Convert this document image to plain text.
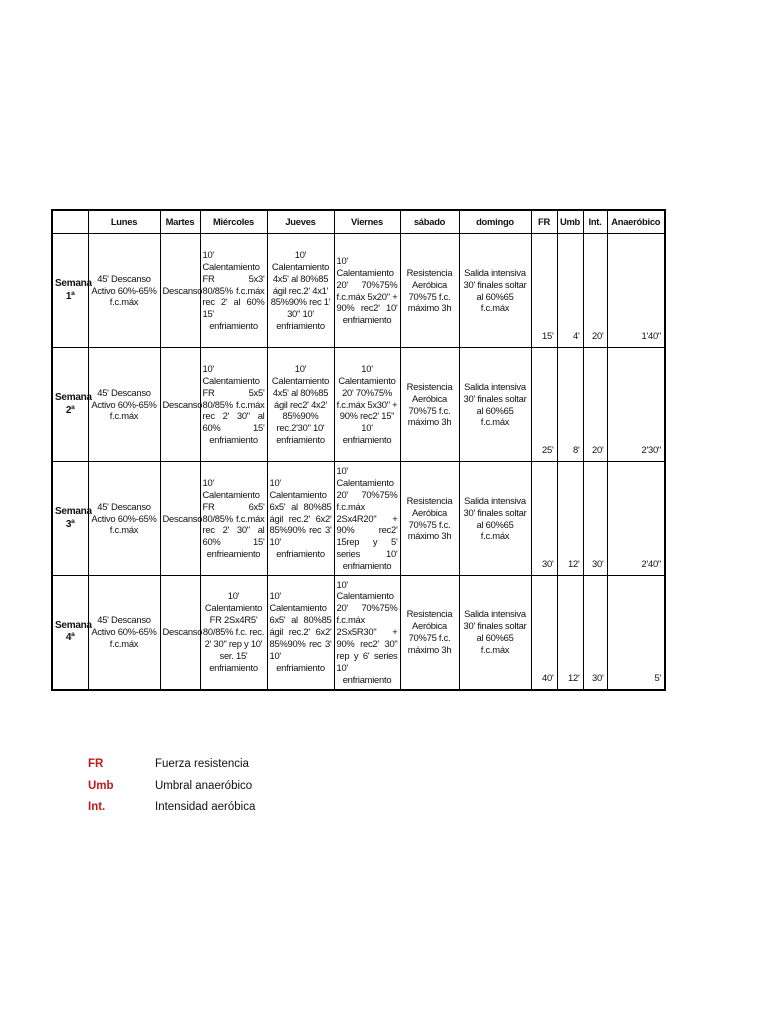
	Lunes	Martes	Miércoles	Jueves	Viernes	sábado	domingo	FR	Umb	Int.	Anaeróbico
Semana 1ª	45' Descanso Activo 60%-65% f.c.máx	Descanso	10' Calentamiento FR 5x3' 80/85% f.c.máx rec 2' al 60% 15' enfriamiento	10' Calentamiento 4x5' al 80%85 ágil rec.2' 4x1' 85%90% rec 1' 30" 10' enfriamiento	10' Calentamiento 20' 70%75% f.c.máx 5x20" + 90% rec2' 10' enfriamiento	Resistencia Aeróbica 70%75 f.c. máximo 3h	Salida intensiva 30' finales soltar al 60%65 f.c.máx	15'	4'	20'	1'40"
Semana 2ª	45' Descanso Activo 60%-65% f.c.máx	Descanso	10' Calentamiento FR 5x5' 80/85% f.c.máx rec 2' 30" al 60% 15' enfriamiento	10' Calentamiento 4x5' al 80%85 ágil rec2' 4x2' 85%90% rec.2'30" 10' enfriamiento	10' Calentamiento 20' 70%75% f.c.máx 5x30" + 90% rec2' 15" 10' enfriamiento	Resistencia Aeróbica 70%75 f.c. máximo 3h	Salida intensiva 30' finales soltar al 60%65 f.c.máx	25'	8'	20'	2'30"
Semana 3ª	45' Descanso Activo 60%-65% f.c.máx	Descanso	10' Calentamiento FR 6x5' 80/85% f.c.máx rec 2' 30" al 60% 15' enfrieamiento	10' Calentamiento 6x5' al 80%85 ágil rec.2' 6x2' 85%90% rec 3' 10' enfriamiento	10' Calentamiento 20' 70%75% f.c.máx 2Sx4R20" + 90% rec2' 15rep y 5' series 10' enfriamiento	Resistencia Aeróbica 70%75 f.c. máximo 3h	Salida intensiva 30' finales soltar al 60%65 f.c.máx	30'	12'	30'	2'40"
Semana 4ª	45' Descanso Activo 60%-65% f.c.máx	Descanso	10' Calentamiento FR 2Sx4R5' 80/85% f.c. rec. 2' 30" rep y 10' ser. 15' enfriamiento	10' Calentamiento 6x5' al 80%85 ágil rec.2' 6x2' 85%90% rec 3' 10' enfriamiento	10' Calentamiento 20' 70%75% f.c.máx 2Sx5R30" + 90% rec2' 30" rep y 6' series 10' enfriamiento	Resistencia Aeróbica 70%75 f.c. máximo 3h	Salida intensiva 30' finales soltar al 60%65 f.c.máx	40'	12'	30'	5'
FR	Fuerza resistencia
Umb	Umbral anaeróbico
Int.	Intensidad aeróbica
